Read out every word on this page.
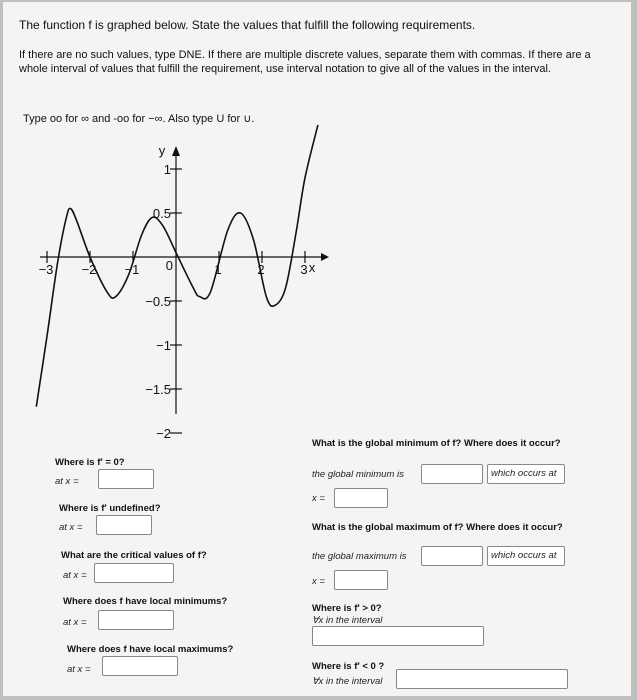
The function f is graphed below. State the values that fulfill the following requirements.
If there are no such values, type DNE. If there are multiple discrete values, separate them with commas. If there are a whole interval of values that fulfill the requirement, use interval notation to give all of the values in the interval.
Type oo for ∞ and -oo for −∞. Also type U for ∪.
y
x
−3 −2 −1 0	1	2	3
1
0.5
−0.5
−1
−1.5
−2
Where is f′ = 0?
at x =
Where is f′ undefined?
at x =
What are the critical values of f?
at x =
Where does f have local minimums?
at x =
Where does f have local maximums?
at x =
What is the global minimum of f? Where does it occur?
the global minimum is	which occurs at
x =
What is the global maximum of f? Where does it occur?
the global maximum is	which occurs at
x =
Where is f′ > 0?
∀x in the interval
Where is f′ < 0 ?
∀x in the interval
